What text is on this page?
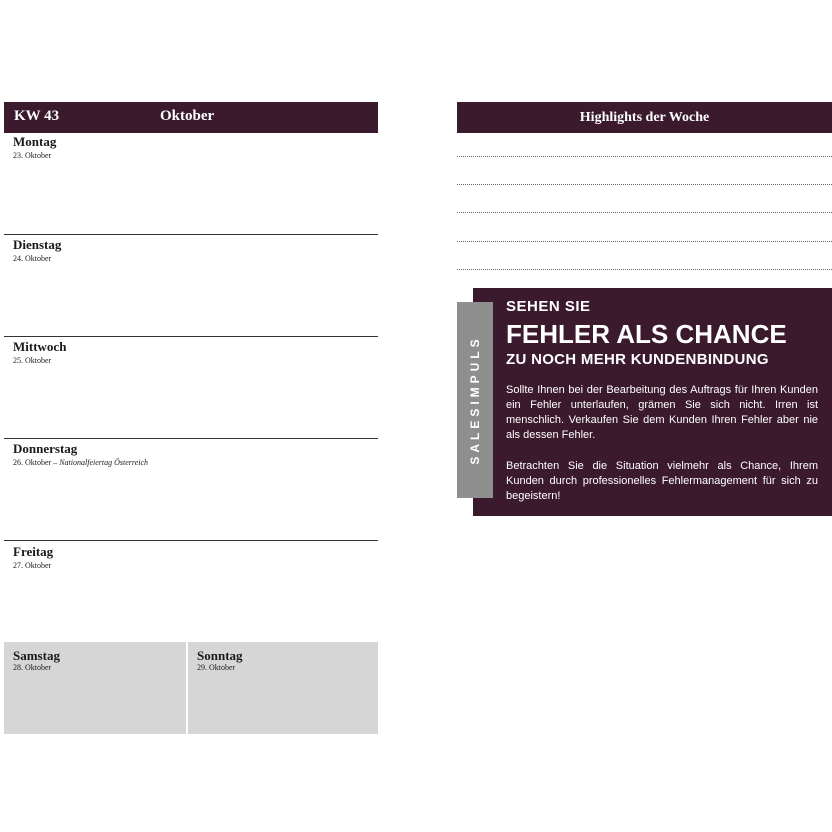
KW 43	Oktober
Montag
23. Oktober
Dienstag
24. Oktober
Mittwoch
25. Oktober
Donnerstag
26. Oktober – Nationalfeiertag Österreich
Freitag
27. Oktober
Samstag
28. Oktober
Sonntag
29. Oktober
Highlights der Woche
SEHEN SIE
FEHLER ALS CHANCE
ZU NOCH MEHR KUNDENBINDUNG
Sollte Ihnen bei der Bearbeitung des Auftrags für Ihren Kunden ein Fehler unterlaufen, grämen Sie sich nicht. Irren ist menschlich. Verkaufen Sie dem Kunden Ihren Fehler aber nie als dessen Fehler.
Betrachten Sie die Situation vielmehr als Chance, Ihrem Kunden durch professionelles Fehlermanagement für sich zu begeistern!
SALESIMPULS
